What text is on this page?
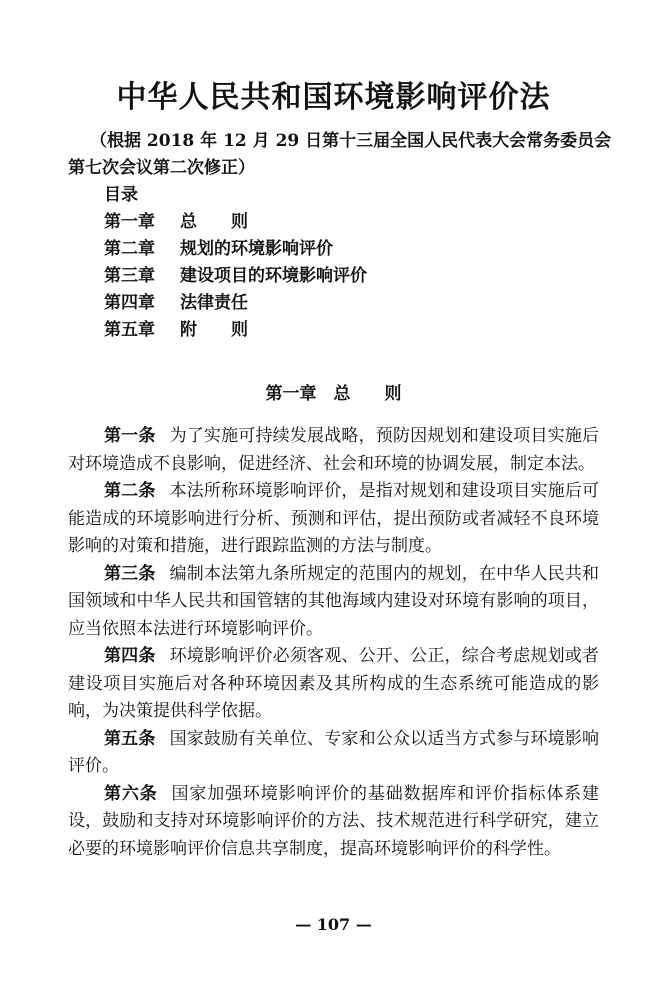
中华人民共和国环境影响评价法
（根据 2018 年 12 月 29 日第十三届全国人民代表大会常务委员会第七次会议第二次修正）
目录
第一章 总　　则
第二章 规划的环境影响评价
第三章 建设项目的环境影响评价
第四章 法律责任
第五章 附　　则
第一章　总　　则

第一条 为了实施可持续发展战略，预防因规划和建设项目实施后对环境造成不良影响，促进经济、社会和环境的协调发展，制定本法。

第二条 本法所称环境影响评价，是指对规划和建设项目实施后可能造成的环境影响进行分析、预测和评估，提出预防或者减轻不良环境影响的对策和措施，进行跟踪监测的方法与制度。

第三条 编制本法第九条所规定的范围内的规划，在中华人民共和国领域和中华人民共和国管辖的其他海域内建设对环境有影响的项目，应当依照本法进行环境影响评价。

第四条 环境影响评价必须客观、公开、公正，综合考虑规划或者建设项目实施后对各种环境因素及其所构成的生态系统可能造成的影响，为决策提供科学依据。

第五条 国家鼓励有关单位、专家和公众以适当方式参与环境影响评价。

第六条 国家加强环境影响评价的基础数据库和评价指标体系建设，鼓励和支持对环境影响评价的方法、技术规范进行科学研究，建立必要的环境影响评价信息共享制度，提高环境影响评价的科学性。

— 107 —
